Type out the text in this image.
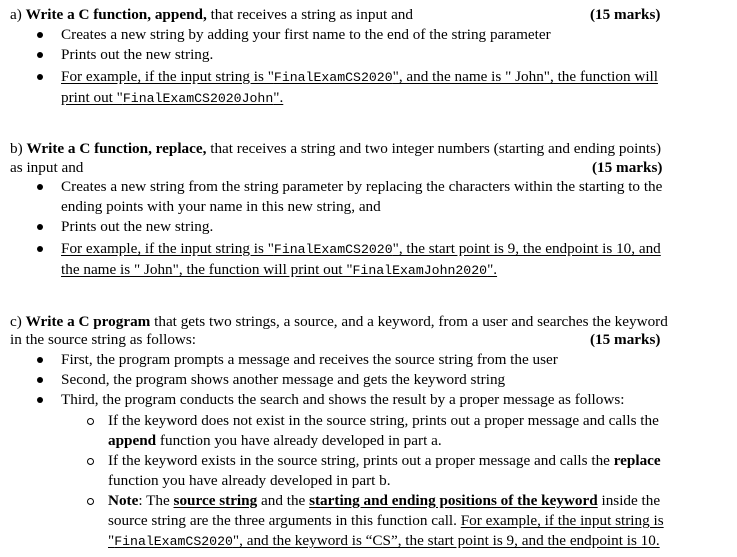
a) Write a C function, append, that receives a string as input and	(15 marks)
Creates a new string by adding your first name to the end of the string parameter
Prints out the new string.
For example, if the input string is "FinalExamCS2020", and the name is " John", the function will
print out "FinalExamCS2020John".
b) Write a C function, replace, that receives a string and two integer numbers (starting and ending points)
as input and	(15 marks)
Creates a new string from the string parameter by replacing the characters within the starting to the
ending points with your name in this new string, and
Prints out the new string.
For example, if the input string is "FinalExamCS2020", the start point is 9, the endpoint is 10, and
the name is " John", the function will print out "FinalExamJohn2020".
c) Write a C program that gets two strings, a source, and a keyword, from a user and searches the keyword
in the source string as follows:	(15 marks)
First, the program prompts a message and receives the source string from the user
Second, the program shows another message and gets the keyword string
Third, the program conducts the search and shows the result by a proper message as follows:
If the keyword does not exist in the source string, prints out a proper message and calls the
append function you have already developed in part a.
If the keyword exists in the source string, prints out a proper message and calls the replace
function you have already developed in part b.
Note: The source string and the starting and ending positions of the keyword inside the
source string are the three arguments in this function call. For example, if the input string is
"FinalExamCS2020", and the keyword is “CS”, the start point is 9, and the endpoint is 10.
